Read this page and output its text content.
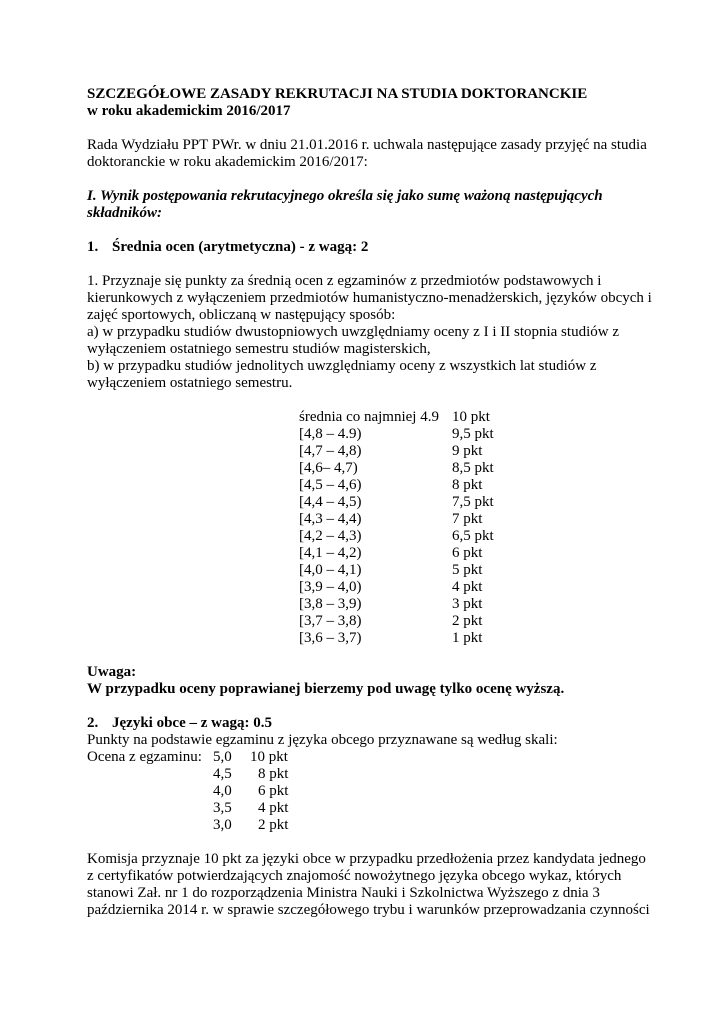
SZCZEGÓŁOWE ZASADY REKRUTACJI NA STUDIA DOKTORANCKIE
w roku akademickim 2016/2017
Rada Wydziału PPT PWr. w dniu 21.01.2016 r. uchwala następujące zasady przyjęć na studia
doktoranckie w roku akademickim 2016/2017:
I. Wynik postępowania rekrutacyjnego określa się jako sumę ważoną następujących
składników:
1. Średnia ocen (arytmetyczna) - z wagą: 2
1. Przyznaje się punkty za średnią ocen z egzaminów z przedmiotów podstawowych i
kierunkowych z wyłączeniem przedmiotów humanistyczno-menadżerskich, języków obcych i
zajęć sportowych, obliczaną w następujący sposób:
a) w przypadku studiów dwustopniowych uwzględniamy oceny z I i II stopnia studiów z
wyłączeniem ostatniego semestru studiów magisterskich,
b) w przypadku studiów jednolitych uwzględniamy oceny z wszystkich lat studiów z
wyłączeniem ostatniego semestru.
średnia co najmniej 4.9 10 pkt
[4,8 – 4.9)	9,5 pkt
[4,7 – 4,8)	9 pkt
[4,6– 4,7)	8,5 pkt
[4,5 – 4,6)	8 pkt
[4,4 – 4,5)	7,5 pkt
[4,3 – 4,4)	7 pkt
[4,2 – 4,3)	6,5 pkt
[4,1 – 4,2)	6 pkt
[4,0 – 4,1)	5 pkt
[3,9 – 4,0)	4 pkt
[3,8 – 3,9)	3 pkt
[3,7 – 3,8)	2 pkt
[3,6 – 3,7)	1 pkt
Uwaga:
W przypadku oceny poprawianej bierzemy pod uwagę tylko ocenę wyższą.
2. Języki obce – z wagą: 0.5
Punkty na podstawie egzaminu z języka obcego przyznawane są według skali:
Ocena z egzaminu: 5,0 10 pkt
4,5 8 pkt
4,0 6 pkt
3,5 4 pkt
3,0 2 pkt
Komisja przyznaje 10 pkt za języki obce w przypadku przedłożenia przez kandydata jednego
z certyfikatów potwierdzających znajomość nowożytnego języka obcego wykaz, których
stanowi Zał. nr 1 do rozporządzenia Ministra Nauki i Szkolnictwa Wyższego z dnia 3
października 2014 r. w sprawie szczegółowego trybu i warunków przeprowadzania czynności
